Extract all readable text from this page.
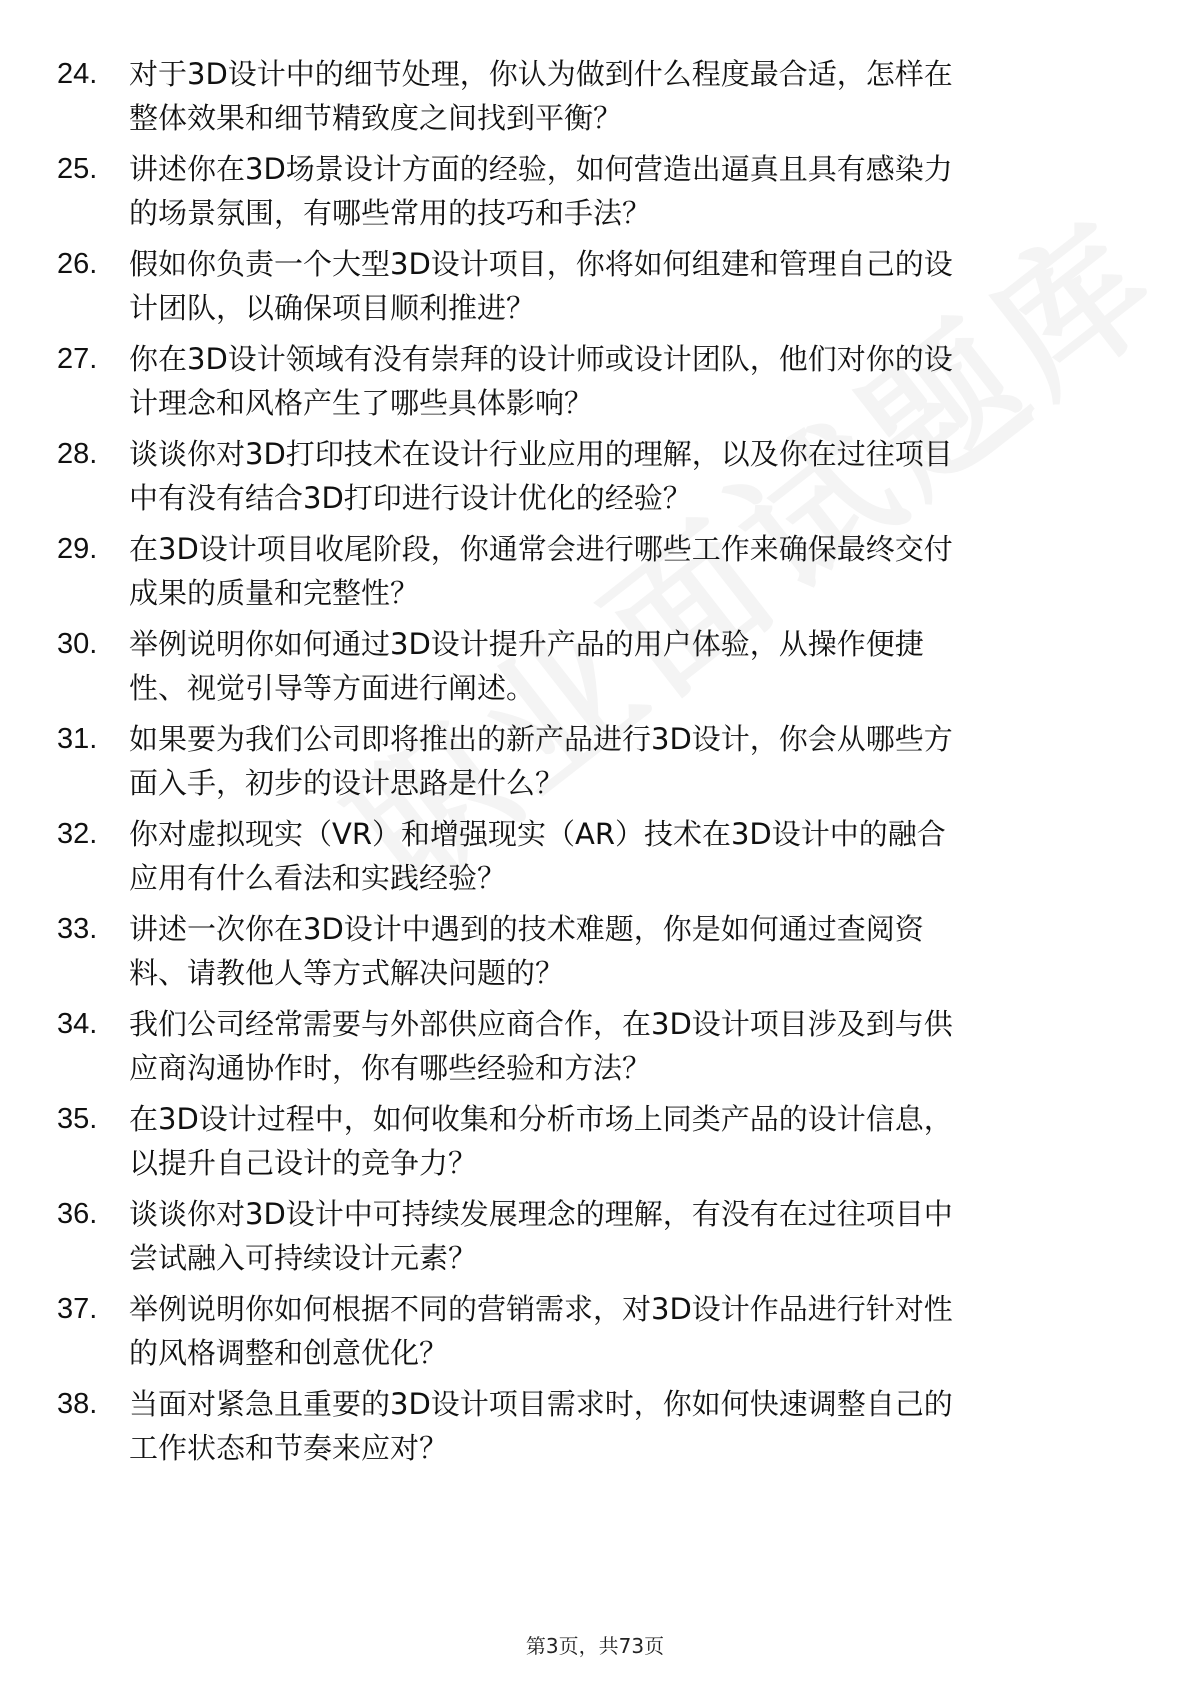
24.	对于3D设计中的细节处理，你认为做到什么程度最合适，怎样在
整体效果和细节精致度之间找到平衡？
25.	讲述你在3D场景设计方面的经验，如何营造出逼真且具有感染力
的场景氛围，有哪些常用的技巧和手法？
26.	假如你负责一个大型3D设计项目，你将如何组建和管理自己的设
计团队，以确保项目顺利推进？
27.	你在3D设计领域有没有崇拜的设计师或设计团队，他们对你的设
计理念和风格产生了哪些具体影响？
28.	谈谈你对3D打印技术在设计行业应用的理解，以及你在过往项目
中有没有结合3D打印进行设计优化的经验？
29.	在3D设计项目收尾阶段，你通常会进行哪些工作来确保最终交付
成果的质量和完整性？
30.	举例说明你如何通过3D设计提升产品的用户体验，从操作便捷
性、视觉引导等方面进行阐述。
31.	如果要为我们公司即将推出的新产品进行3D设计，你会从哪些方
面入手，初步的设计思路是什么？
32.	你对虚拟现实（VR）和增强现实（AR）技术在3D设计中的融合
应用有什么看法和实践经验？
33.	讲述一次你在3D设计中遇到的技术难题，你是如何通过查阅资
料、请教他人等方式解决问题的？
34.	我们公司经常需要与外部供应商合作，在3D设计项目涉及到与供
应商沟通协作时，你有哪些经验和方法？
35.	在3D设计过程中，如何收集和分析市场上同类产品的设计信息，
以提升自己设计的竞争力？
36.	谈谈你对3D设计中可持续发展理念的理解，有没有在过往项目中
尝试融入可持续设计元素？
37.	举例说明你如何根据不同的营销需求，对3D设计作品进行针对性
的风格调整和创意优化？
38.	当面对紧急且重要的3D设计项目需求时，你如何快速调整自己的
工作状态和节奏来应对？
第3页，共73页
